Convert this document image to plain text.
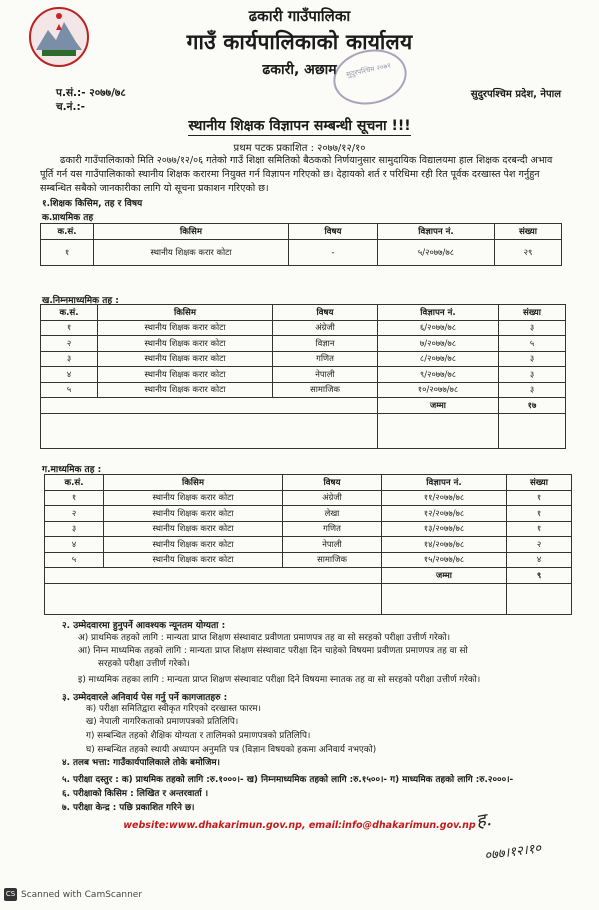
ढकारी गाउँपालिका
गाउँ कार्यपालिकाको कार्यालय
ढकारी, अछाम	सुदुरपश्चिम २०७१
प.सं.:- २०७७/७८
च.नं.:-
सुदुरपश्चिम प्रदेश, नेपाल
स्थानीय शिक्षक विज्ञापन सम्बन्धी सूचना !!!
प्रथम पटक प्रकाशित : २०७७/१२/१०
ढकारी गाउँपालिकाको मिति २०७७/१२/०६ गतेको गाउँ शिक्षा समितिको बैठकको निर्णयानुसार सामुदायिक विद्यालयमा हाल शिक्षक दरबन्दी अभाव पूर्ति गर्न यस गाउँपालिकाको स्थानीय शिक्षक करारमा नियुक्त गर्न विज्ञापन गरिएको छ। देहायको शर्त र परिधिमा रही रित पूर्वक दरखास्त पेश गर्नुहुन सम्बन्धित सबैको जानकारीका लागि यो सूचना प्रकाशन गरिएको छ।
१.शिक्षक किसिम, तह र विषय
क.प्राथमिक तह
क.सं.	किसिम	विषय	विज्ञापन नं.	संख्या
१	स्थानीय शिक्षक करार कोटा	-	५/२०७७/७८	२९
ख.निम्नमाध्यमिक तह :
क.सं.	किसिम	विषय	विज्ञापन नं.	संख्या
१	स्थानीय शिक्षक करार कोटा	अंग्रेजी	६/२०७७/७८	३
२	स्थानीय शिक्षक करार कोटा	विज्ञान	७/२०७७/७८	५
३	स्थानीय शिक्षक करार कोटा	गणित	८/२०७७/७८	३
४	स्थानीय शिक्षक करार कोटा	नेपाली	९/२०७७/७८	३
५	स्थानीय शिक्षक करार कोटा	सामाजिक	१०/२०७७/७८	३
			जम्मा	१७

ग.माध्यमिक तह :
क.सं.	किसिम	विषय	विज्ञापन नं.	संख्या
१	स्थानीय शिक्षक करार कोटा	अंग्रेजी	११/२०७७/७८	१
२	स्थानीय शिक्षक करार कोटा	लेखा	१२/२०७७/७८	१
३	स्थानीय शिक्षक करार कोटा	गणित	१३/२०७७/७८	१
४	स्थानीय शिक्षक करार कोटा	नेपाली	१४/२०७७/७८	२
५	स्थानीय शिक्षक करार कोटा	सामाजिक	१५/२०७७/७८	४
			जम्मा	९

२. उम्मेदवारमा हुनुपर्ने आवश्यक न्यूनतम योग्यता :
अ) प्राथमिक तहको लागि : मान्यता प्राप्त शिक्षण संस्थावाट प्रवीणता प्रमाणपत्र तह वा सो सरहको परीक्षा उत्तीर्ण गरेको।
आ) निम्न माध्यमिक तहको लागि : मान्यता प्राप्त शिक्षण संस्थावाट परीक्षा दिन चाहेको विषयमा प्रवीणता प्रमाणपत्र तह वा सो
सरहको परीक्षा उत्तीर्ण गरेको।
इ) माध्यमिक तहका लागि : मान्यता प्राप्त शिक्षण संस्थावाट परीक्षा दिने विषयमा स्नातक तह वा सो सरहको परीक्षा उत्तीर्ण गरेको।
३. उम्मेदवारले अनिवार्य पेस गर्नु पर्ने कागजातहरु :
क) परीक्षा समितिद्वारा स्वीकृत गरिएको दरखास्त फारम।
ख) नेपाली नागरिकताको प्रमाणपत्रको प्रतिलिपि।
ग) सम्बन्धित तहको शैक्षिक योग्यता र तालिमको प्रमाणपत्रको प्रतिलिपि।
घ) सम्बन्धित तहको स्थायी अध्यापन अनुमति पत्र (विज्ञान विषयको हकमा अनिवार्य नभएको)
४. तलब भत्ता: गाउँकार्यपालिकाले तोके बमोजिम।
५. परीक्षा दस्तुर : क) प्राथमिक तहको लागि :रु.१०००।- ख) निम्नमाध्यमिक तहको लागि :रु.१५००।- ग) माध्यमिक तहको लागि :रु.२०००।-
६. परीक्षाको किसिम : लिखित र अन्तरवार्ता ।
७. परीक्षा केन्द्र : पछि प्रकाशित गरिने छ।
website:www.dhakarimun.gov.np, email:info@dhakarimun.gov.np
ह.
०७७।१२।१०
CS Scanned with CamScanner
